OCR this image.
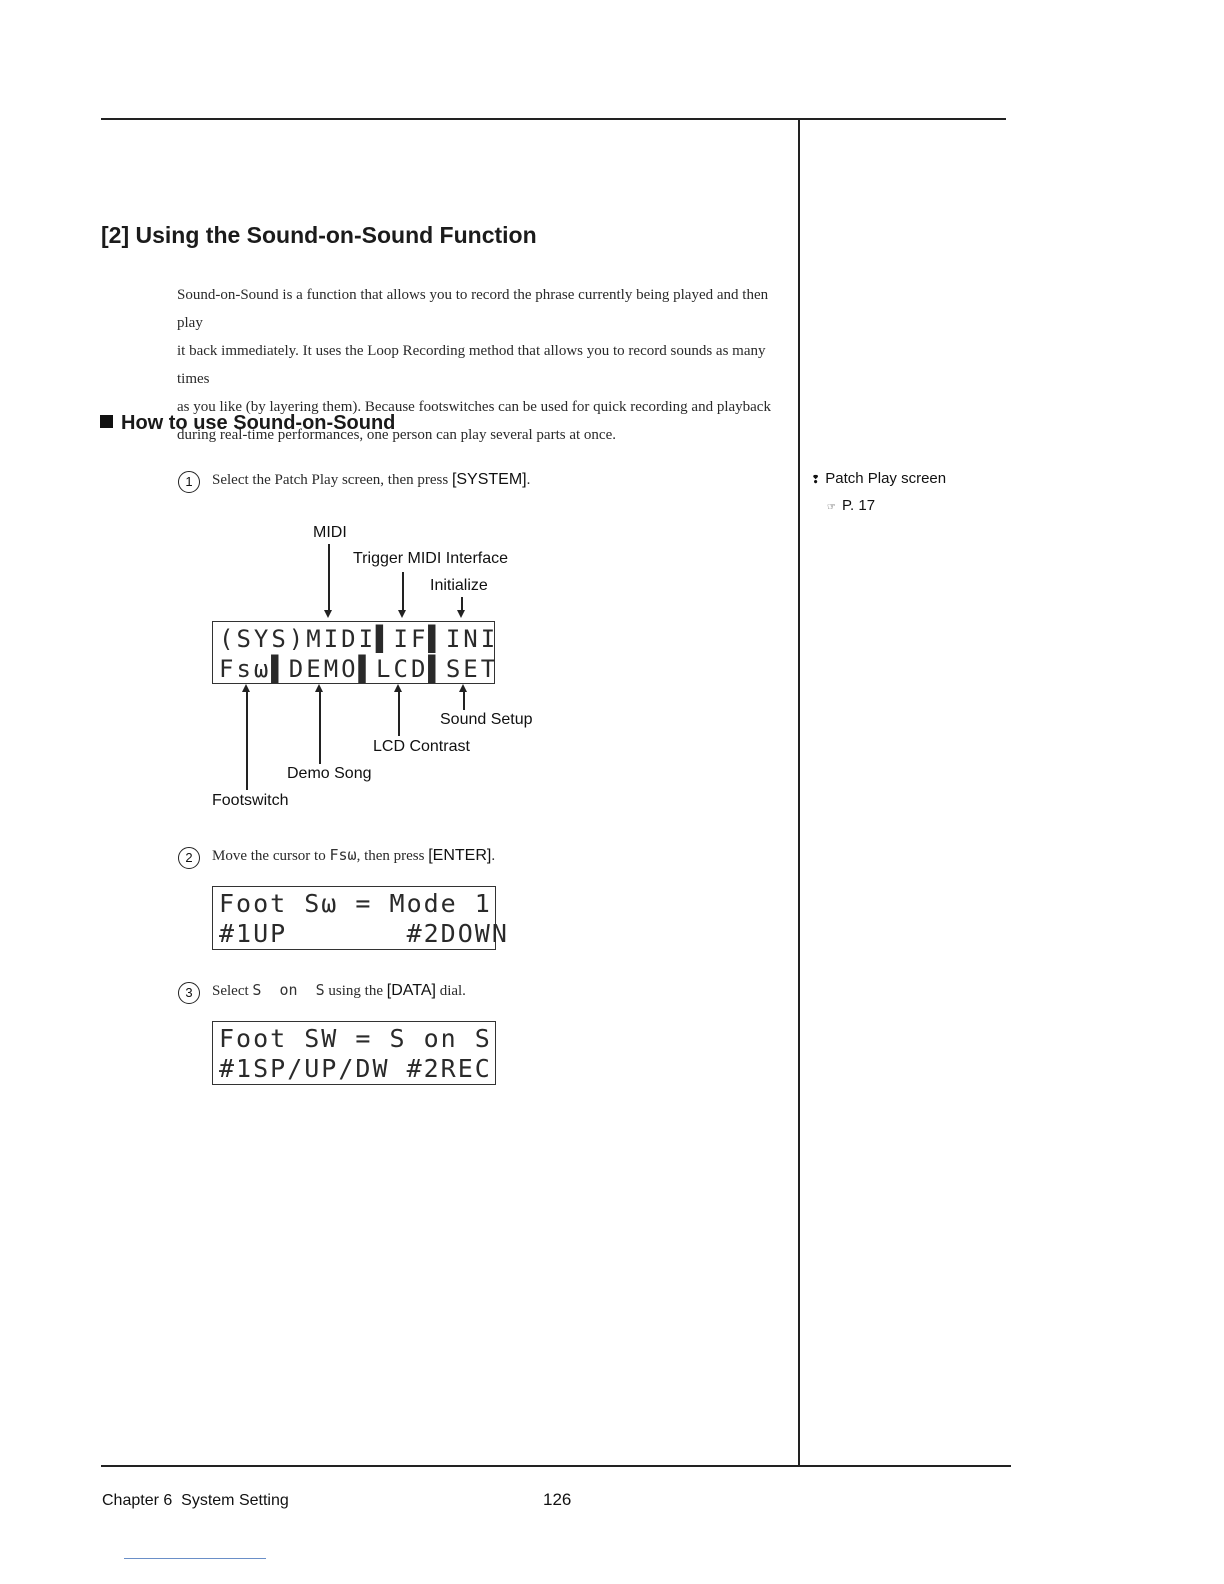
[2] Using the Sound-on-Sound Function

Sound-on-Sound is a function that allows you to record the phrase currently being played and then play

it back immediately. It uses the Loop Recording method that allows you to record sounds as many times

as you like (by layering them). Because footswitches can be used for quick recording and playback

during real-time performances, one person can play several parts at once.

How to use Sound-on-Sound
1 Select the Patch Play screen, then press [SYSTEM].
MIDI
Trigger MIDI Interface
Initialize
(SYS)MIDI▌IF▌INI
Fsω▌DEMO▌LCD▌SET
Sound Setup
LCD Contrast
Demo Song
Footswitch
2 Move the cursor to Fsω, then press [ENTER].
Foot Sω = Mode 1
#1UP       #2DOWN
3 Select S  on  S using the [DATA] dial.
Foot SW = S on S
#1SP/UP/DW #2REC
❢ Patch Play screen
☞ P. 17
Chapter 6  System Setting	126
